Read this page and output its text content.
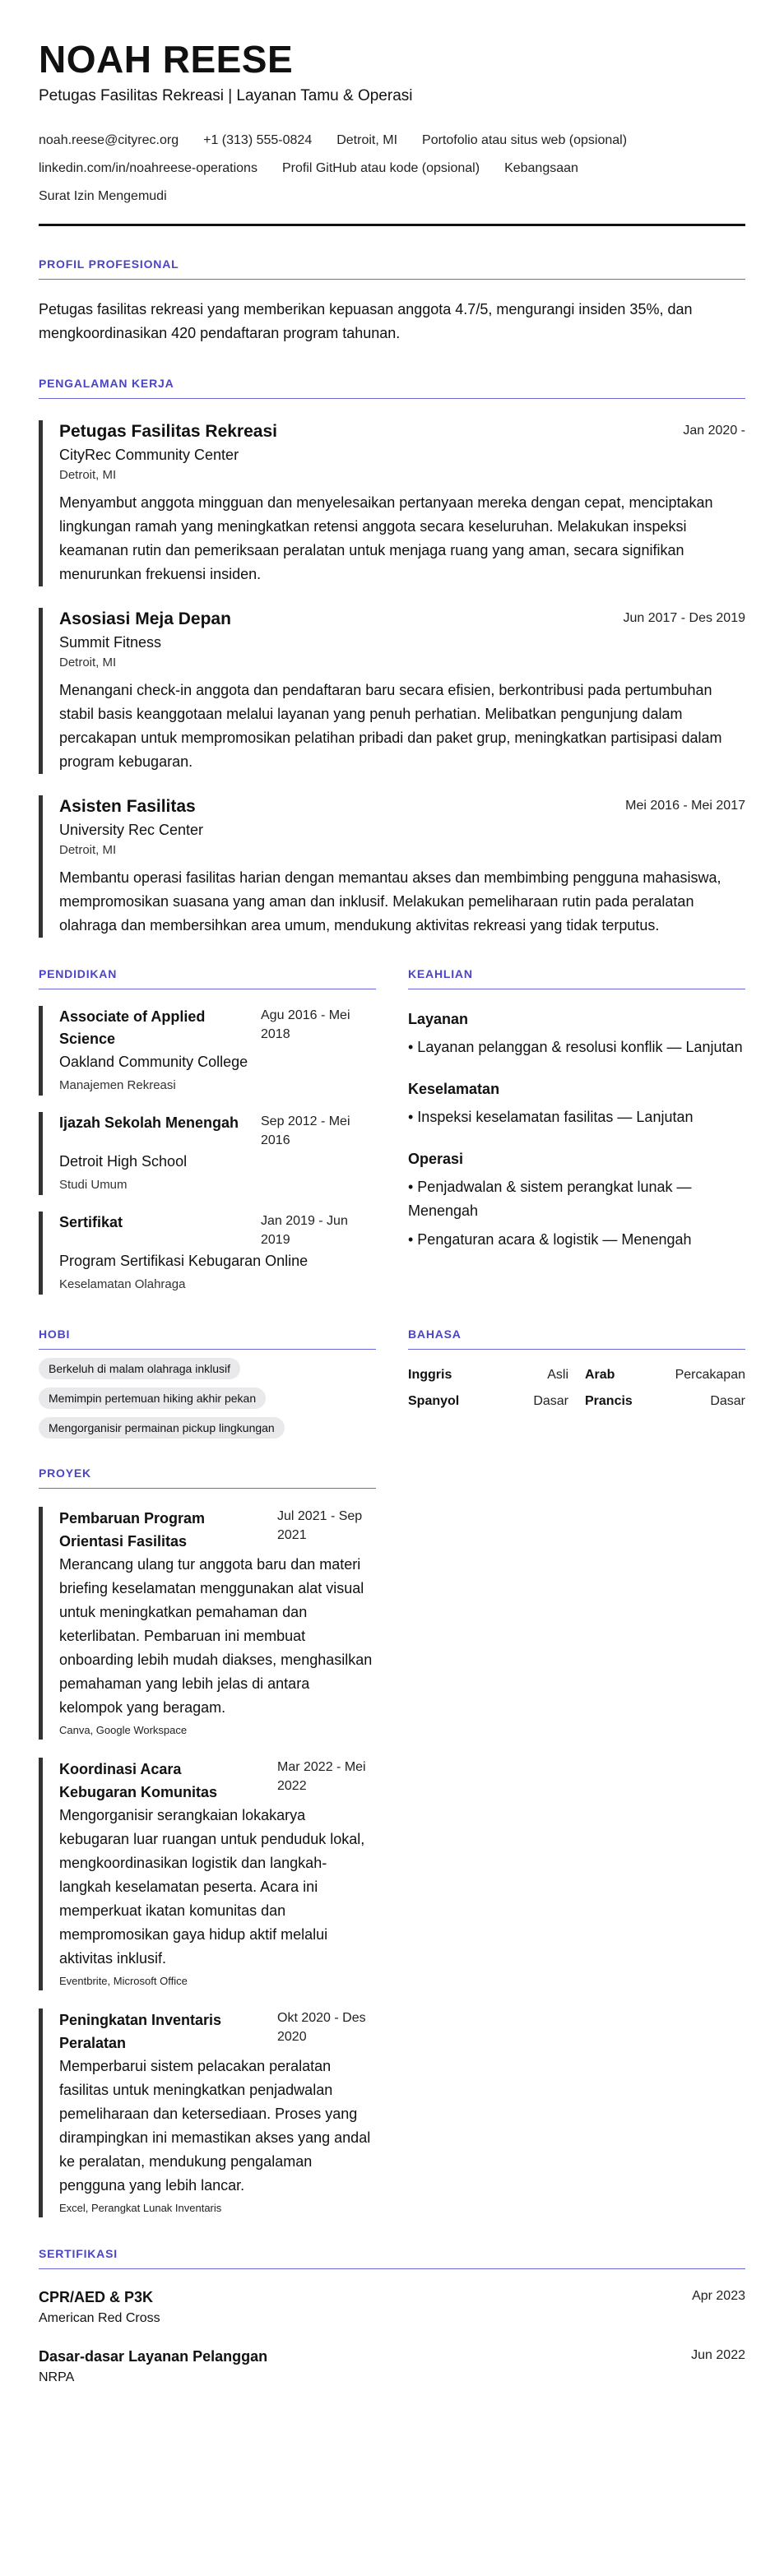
NOAH REESE
Petugas Fasilitas Rekreasi | Layanan Tamu & Operasi
noah.reese@cityrec.org +1 (313) 555-0824 Detroit, MI Portofolio atau situs web (opsional)
linkedin.com/in/noahreese-operations Profil GitHub atau kode (opsional) Kebangsaan
Surat Izin Mengemudi
PROFIL PROFESIONAL

Petugas fasilitas rekreasi yang memberikan kepuasan anggota 4.7/5, mengurangi insiden 35%, dan mengkoordinasikan 420 pendaftaran program tahunan.

PENGALAMAN KERJA
Petugas Fasilitas Rekreasi	Jan 2020 -
CityRec Community Center
Detroit, MI

Menyambut anggota mingguan dan menyelesaikan pertanyaan mereka dengan cepat, menciptakan lingkungan ramah yang meningkatkan retensi anggota secara keseluruhan. Melakukan inspeksi keamanan rutin dan pemeriksaan peralatan untuk menjaga ruang yang aman, secara signifikan menurunkan frekuensi insiden.

Asosiasi Meja Depan	Jun 2017 - Des 2019
Summit Fitness
Detroit, MI

Menangani check-in anggota dan pendaftaran baru secara efisien, berkontribusi pada pertumbuhan stabil basis keanggotaan melalui layanan yang penuh perhatian. Melibatkan pengunjung dalam percakapan untuk mempromosikan pelatihan pribadi dan paket grup, meningkatkan partisipasi dalam program kebugaran.

Asisten Fasilitas	Mei 2016 - Mei 2017
University Rec Center
Detroit, MI

Membantu operasi fasilitas harian dengan memantau akses dan membimbing pengguna mahasiswa, mempromosikan suasana yang aman dan inklusif. Melakukan pemeliharaan rutin pada peralatan olahraga dan membersihkan area umum, mendukung aktivitas rekreasi yang tidak terputus.

PENDIDIKAN
Associate of Applied Science
Agu 2016 - Mei 2018
Oakland Community College
Manajemen Rekreasi
Ijazah Sekolah Menengah	Sep 2012 - Mei 2016
Detroit High School
Studi Umum
Sertifikat	Jan 2019 - Jun 2019
Program Sertifikasi Kebugaran Online
Keselamatan Olahraga
KEAHLIAN
Layanan
• Layanan pelanggan & resolusi konflik — Lanjutan
Keselamatan
• Inspeksi keselamatan fasilitas — Lanjutan
Operasi
• Penjadwalan & sistem perangkat lunak — Menengah
• Pengaturan acara & logistik — Menengah
HOBI
Berkeluh di malam olahraga inklusif
Memimpin pertemuan hiking akhir pekan
Mengorganisir permainan pickup lingkungan
BAHASA
Inggris	Asli Arab	Percakapan
Spanyol	Dasar Prancis	Dasar
PROYEK
Pembaruan Program Orientasi Fasilitas
Jul 2021 - Sep 2021

Merancang ulang tur anggota baru dan materi briefing keselamatan menggunakan alat visual untuk meningkatkan pemahaman dan keterlibatan. Pembaruan ini membuat onboarding lebih mudah diakses, menghasilkan pemahaman yang lebih jelas di antara kelompok yang beragam.

Canva, Google Workspace
Koordinasi Acara Kebugaran Komunitas
Mar 2022 - Mei 2022

Mengorganisir serangkaian lokakarya kebugaran luar ruangan untuk penduduk lokal, mengkoordinasikan logistik dan langkah-langkah keselamatan peserta. Acara ini memperkuat ikatan komunitas dan mempromosikan gaya hidup aktif melalui aktivitas inklusif.

Eventbrite, Microsoft Office
Peningkatan Inventaris Peralatan
Okt 2020 - Des 2020

Memperbarui sistem pelacakan peralatan fasilitas untuk meningkatkan penjadwalan pemeliharaan dan ketersediaan. Proses yang dirampingkan ini memastikan akses yang andal ke peralatan, mendukung pengalaman pengguna yang lebih lancar.

Excel, Perangkat Lunak Inventaris
SERTIFIKASI
CPR/AED & P3K	Apr 2023
American Red Cross
Dasar-dasar Layanan Pelanggan	Jun 2022
NRPA
